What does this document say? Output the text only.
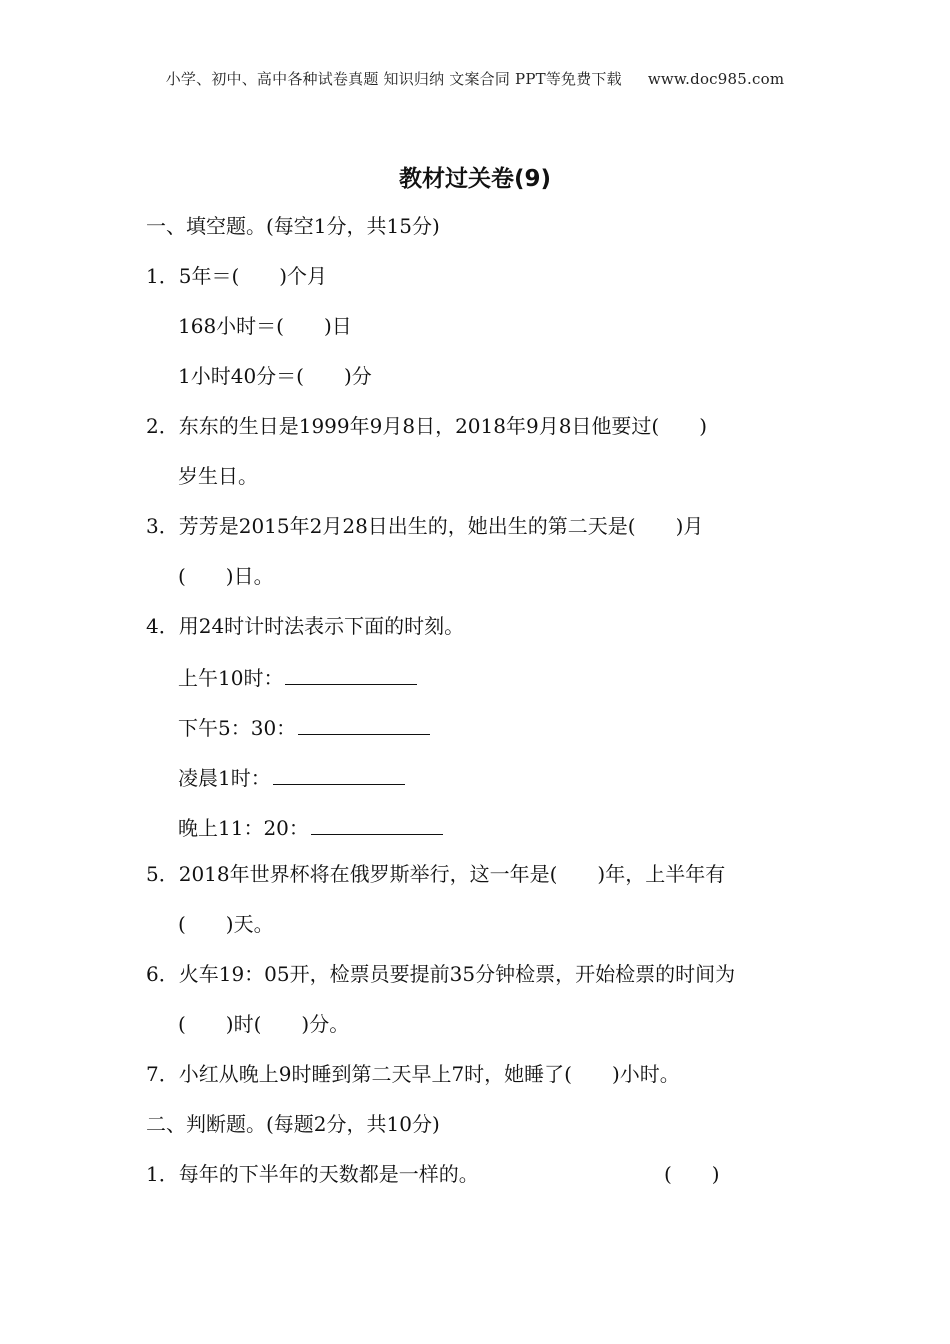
小学、初中、高中各种试卷真题 知识归纳 文案合同 PPT等免费下载 www.doc985.com
教材过关卷(9)
一、填空题。(每空1分，共15分)
1．5年＝(　　)个月
168小时＝(　　)日
1小时40分＝(　　)分
2．东东的生日是1999年9月8日，2018年9月8日他要过(　　)
岁生日。
3．芳芳是2015年2月28日出生的，她出生的第二天是(　　)月
(　　)日。
4．用24时计时法表示下面的时刻。
上午10时：
下午5：30：
凌晨1时：
晚上11：20：
5．2018年世界杯将在俄罗斯举行，这一年是(　　)年，上半年有
(　　)天。
6．火车19：05开，检票员要提前35分钟检票，开始检票的时间为
(　　)时(　　)分。
7．小红从晚上9时睡到第二天早上7时，她睡了(　　)小时。
二、判断题。(每题2分，共10分)
1．每年的下半年的天数都是一样的。	(　　)
